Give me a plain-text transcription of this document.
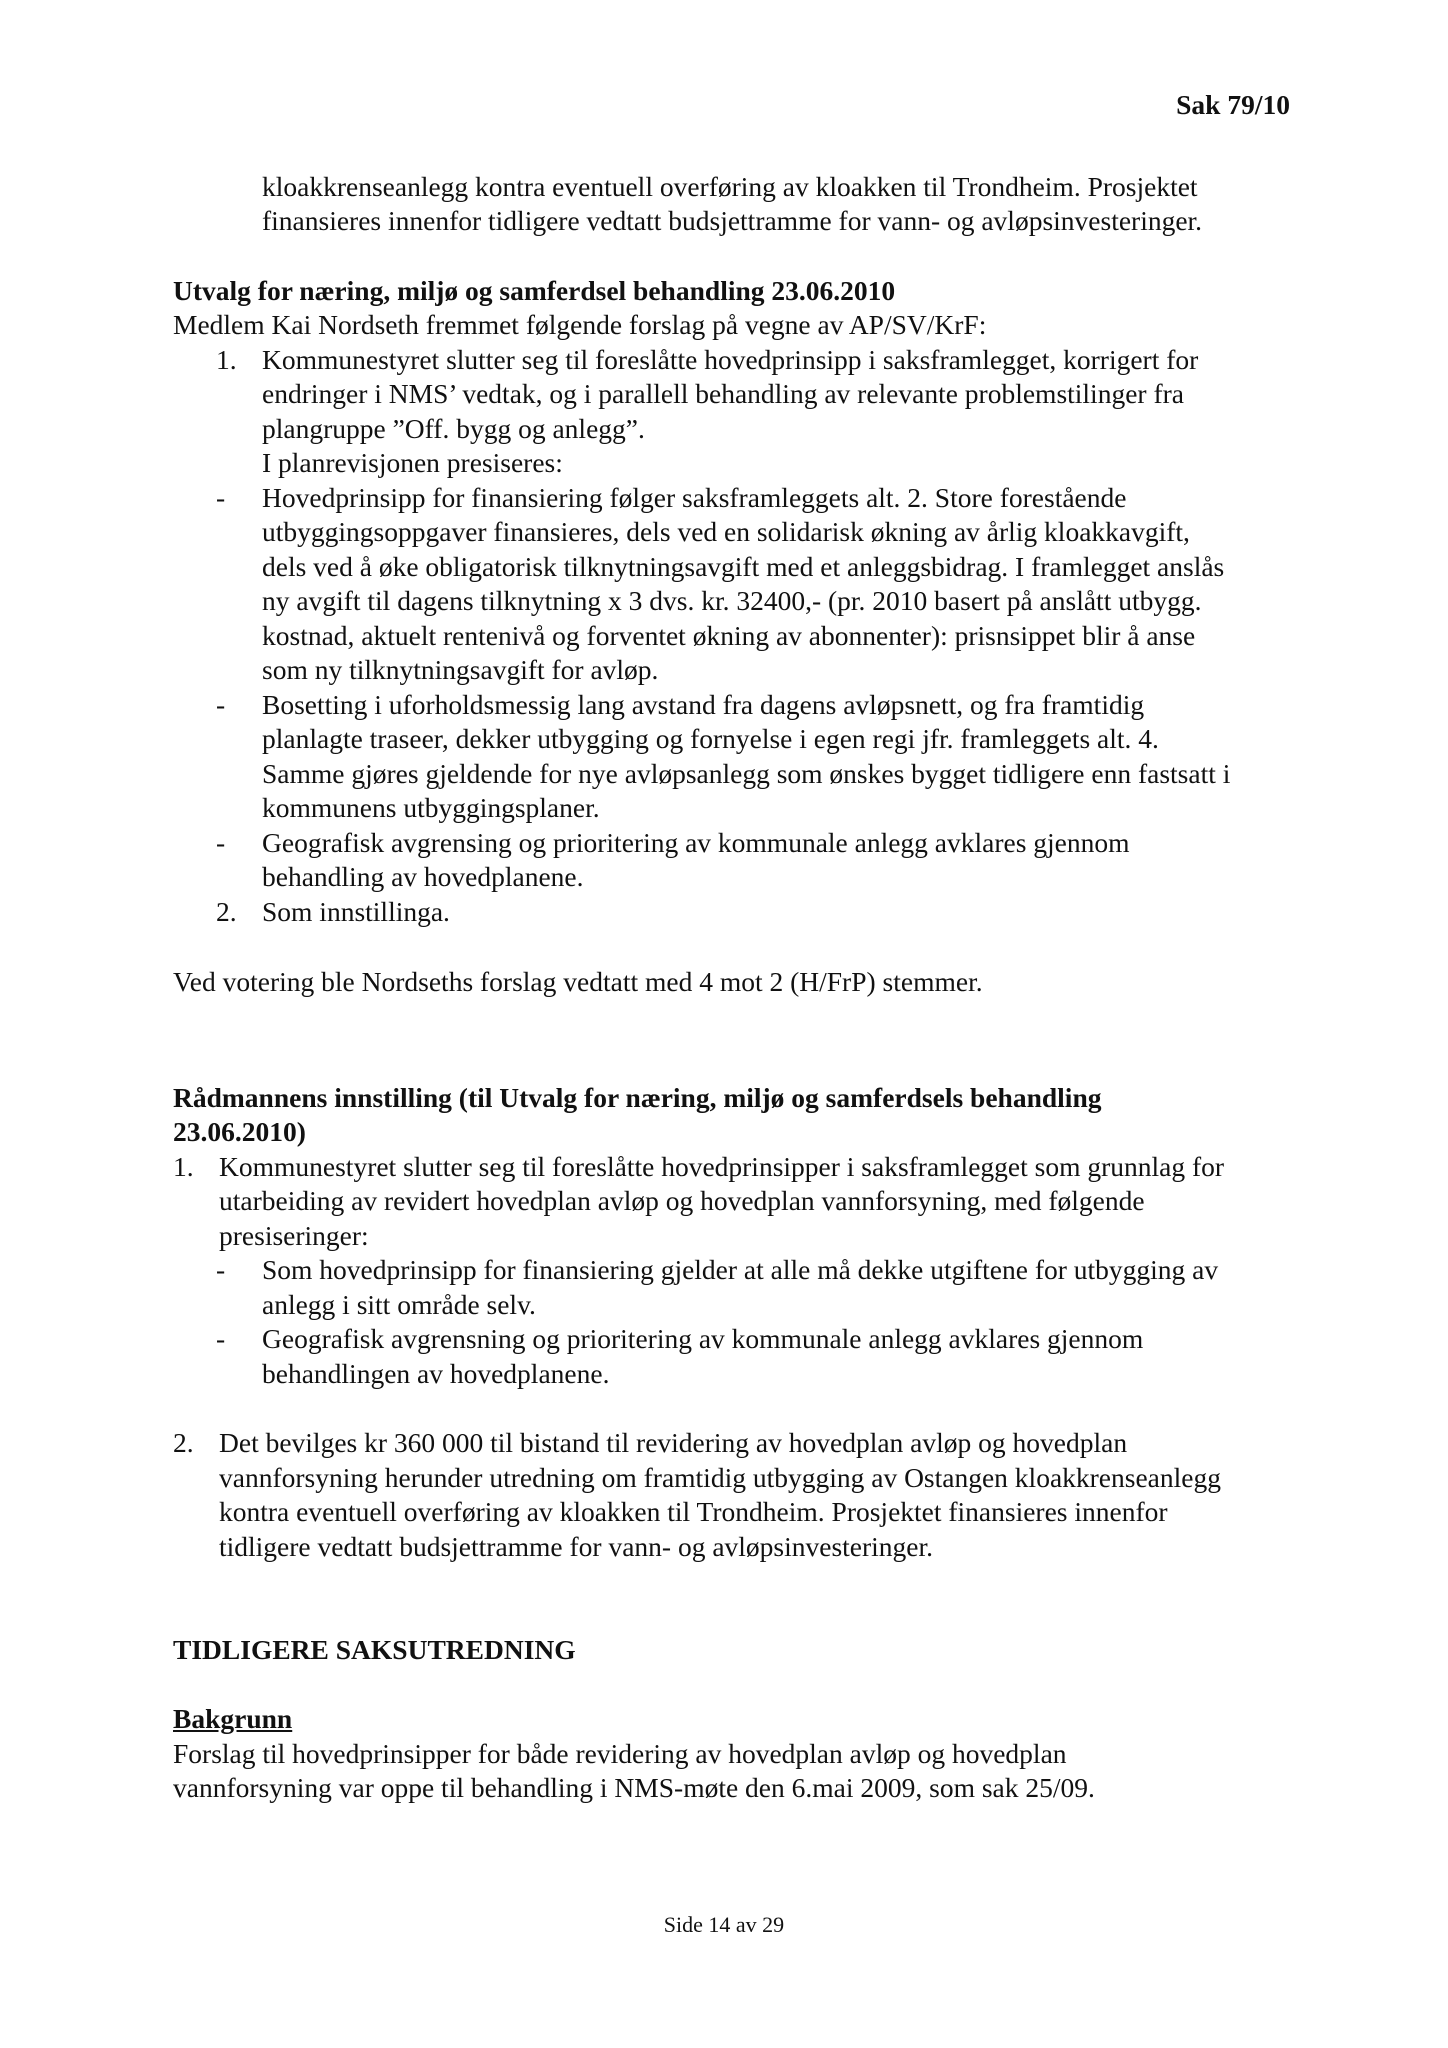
Sak 79/10
kloakkrenseanlegg kontra eventuell overføring av kloakken til Trondheim. Prosjektet
finansieres innenfor tidligere vedtatt budsjettramme for vann- og avløpsinvesteringer.
Utvalg for næring, miljø og samferdsel behandling 23.06.2010
Medlem Kai Nordseth fremmet følgende forslag på vegne av AP/SV/KrF:
1. Kommunestyret slutter seg til foreslåtte hovedprinsipp i saksframlegget, korrigert for
endringer i NMS’ vedtak, og i parallell behandling av relevante problemstilinger fra
plangruppe ”Off. bygg og anlegg”.
I planrevisjonen presiseres:
- Hovedprinsipp for finansiering følger saksframleggets alt. 2. Store forestående
utbyggingsoppgaver finansieres, dels ved en solidarisk økning av årlig kloakkavgift,
dels ved å øke obligatorisk tilknytningsavgift med et anleggsbidrag. I framlegget anslås
ny avgift til dagens tilknytning x 3 dvs. kr. 32400,- (pr. 2010 basert på anslått utbygg.
kostnad, aktuelt rentenivå og forventet økning av abonnenter): prisnsippet blir å anse
som ny tilknytningsavgift for avløp.
- Bosetting i uforholdsmessig lang avstand fra dagens avløpsnett, og fra framtidig
planlagte traseer, dekker utbygging og fornyelse i egen regi jfr. framleggets alt. 4.
Samme gjøres gjeldende for nye avløpsanlegg som ønskes bygget tidligere enn fastsatt i
kommunens utbyggingsplaner.
- Geografisk avgrensing og prioritering av kommunale anlegg avklares gjennom
behandling av hovedplanene.
2. Som innstillinga.
Ved votering ble Nordseths forslag vedtatt med 4 mot 2 (H/FrP) stemmer.
Rådmannens innstilling (til Utvalg for næring, miljø og samferdsels behandling
23.06.2010)
1. Kommunestyret slutter seg til foreslåtte hovedprinsipper i saksframlegget som grunnlag for
utarbeiding av revidert hovedplan avløp og hovedplan vannforsyning, med følgende
presiseringer:
- Som hovedprinsipp for finansiering gjelder at alle må dekke utgiftene for utbygging av
anlegg i sitt område selv.
- Geografisk avgrensning og prioritering av kommunale anlegg avklares gjennom
behandlingen av hovedplanene.
2. Det bevilges kr 360 000 til bistand til revidering av hovedplan avløp og hovedplan
vannforsyning herunder utredning om framtidig utbygging av Ostangen kloakkrenseanlegg
kontra eventuell overføring av kloakken til Trondheim. Prosjektet finansieres innenfor
tidligere vedtatt budsjettramme for vann- og avløpsinvesteringer.
TIDLIGERE SAKSUTREDNING
Bakgrunn
Forslag til hovedprinsipper for både revidering av hovedplan avløp og hovedplan
vannforsyning var oppe til behandling i NMS-møte den 6.mai 2009, som sak 25/09.
Side 14 av 29
